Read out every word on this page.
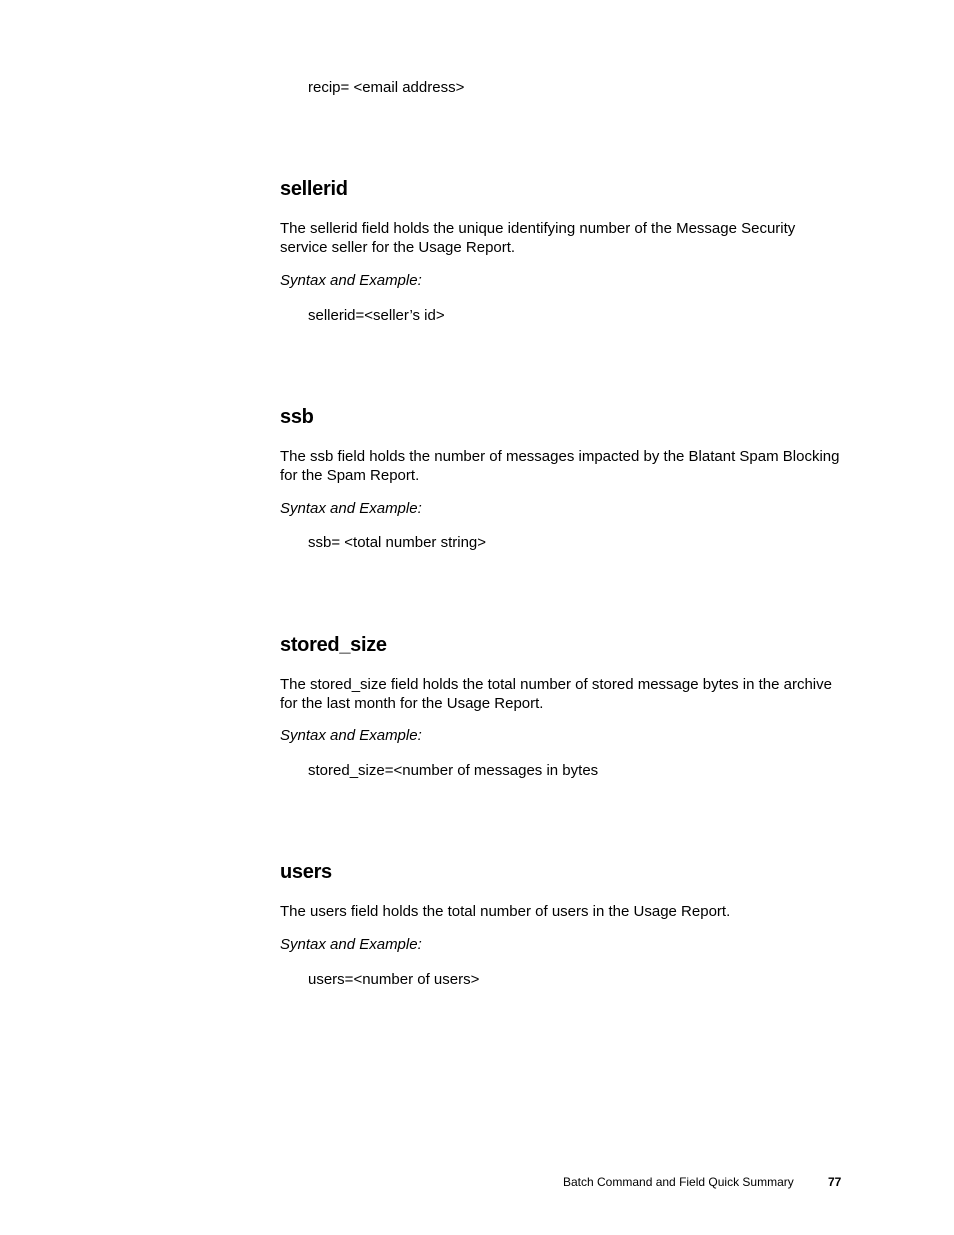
recip= <email address>

sellerid

The sellerid field holds the unique identifying number of the Message Security service seller for the Usage Report.

Syntax and Example:

sellerid=<seller’s id>

ssb

The ssb field holds the number of messages impacted by the Blatant Spam Blocking for the Spam Report.

Syntax and Example:

ssb= <total number string>

stored_size

The stored_size field holds the total number of stored message bytes in the archive for the last month for the Usage Report.

Syntax and Example:

stored_size=<number of messages in bytes

users

The users field holds the total number of users in the Usage Report.

Syntax and Example:

users=<number of users>

Batch Command and Field Quick Summary	77
